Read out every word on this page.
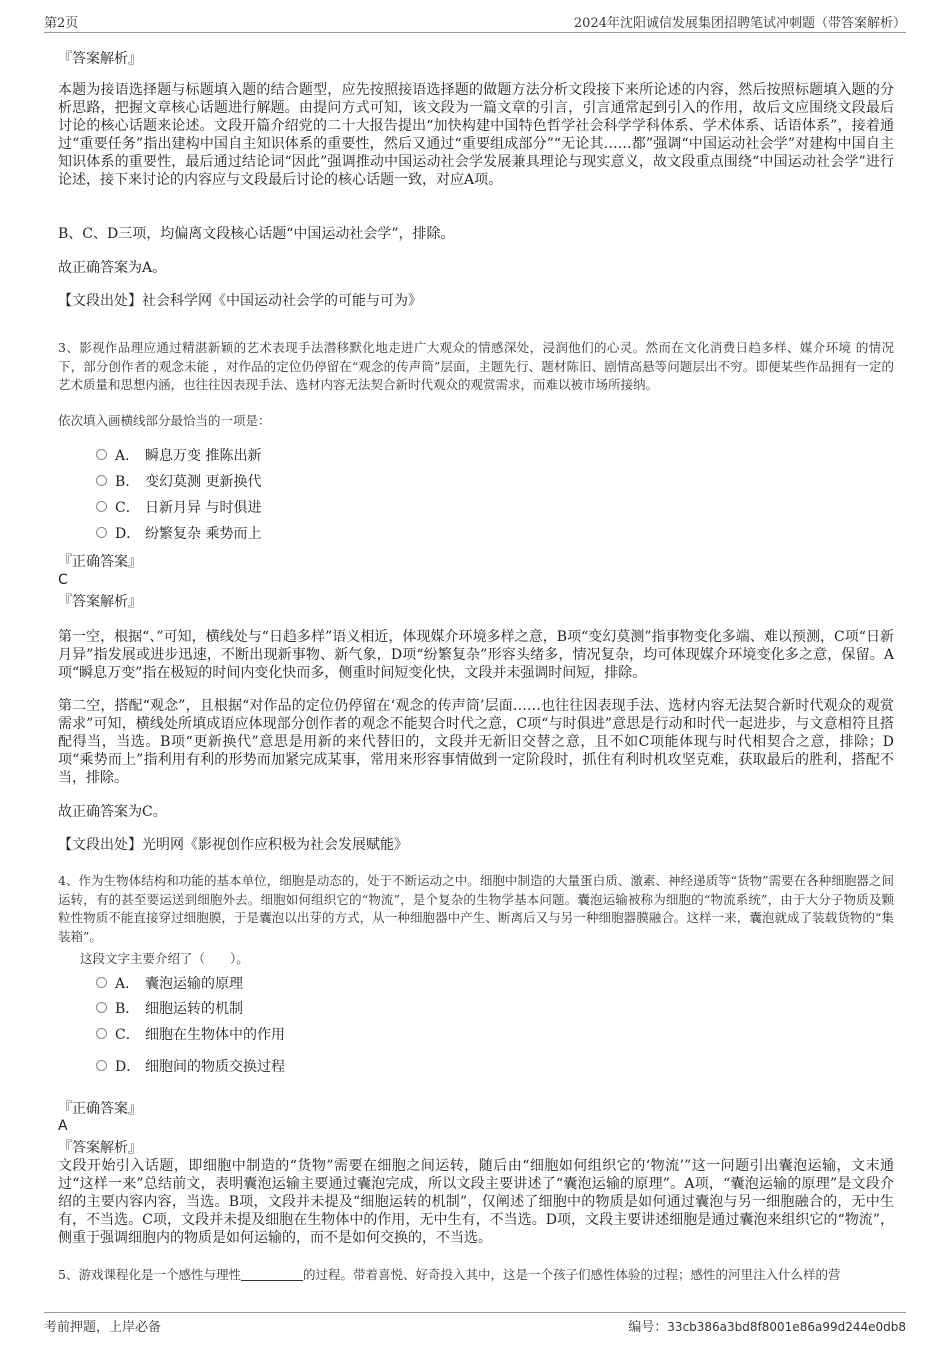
第2页	2024年沈阳诚信发展集团招聘笔试冲刺题（带答案解析）
『答案解析』

本题为接语选择题与标题填入题的结合题型，应先按照接语选择题的做题方法分析文段接下来所论述的内容，然后按照标题填入题的分析思路，把握文章核心话题进行解题。由提问方式可知，该文段为一篇文章的引言，引言通常起到引入的作用，故后文应围绕文段最后讨论的核心话题来论述。文段开篇介绍党的二十大报告提出“加快构建中国特色哲学社会科学学科体系、学术体系、话语体系”，接着通过“重要任务”指出建构中国自主知识体系的重要性，然后又通过“重要组成部分”“无论其……都”强调“中国运动社会学”对建构中国自主知识体系的重要性，最后通过结论词“因此”强调推动中国运动社会学发展兼具理论与现实意义，故文段重点围绕“中国运动社会学”进行论述，接下来讨论的内容应与文段最后讨论的核心话题一致，对应A项。

B、C、D三项，均偏离文段核心话题“中国运动社会学”，排除。

故正确答案为A。

【文段出处】社会科学网《中国运动社会学的可能与可为》

3、影视作品理应通过精湛新颖的艺术表现手法潜移默化地走进广大观众的情感深处，浸润他们的心灵。然而在文化消费日趋多样、媒介环境 的情况下，部分创作者的观念未能 ，对作品的定位仍停留在“观念的传声筒”层面，主题先行、题材陈旧、剧情高悬等问题层出不穷。即便某些作品拥有一定的艺术质量和思想内涵，也往往因表现手法、选材内容无法契合新时代观众的观赏需求，而难以被市场所接纳。

依次填入画横线部分最恰当的一项是：

A． 瞬息万变 推陈出新
B． 变幻莫测 更新换代
C． 日新月异 与时俱进
D． 纷繁复杂 乘势而上
『正确答案』
C
『答案解析』

第一空，根据“、”可知，横线处与“日趋多样”语义相近，体现媒介环境多样之意，B项“变幻莫测”指事物变化多端、难以预测，C项“日新月异”指发展或进步迅速，不断出现新事物、新气象，D项“纷繁复杂”形容头绪多，情况复杂，均可体现媒介环境变化多之意，保留。A项“瞬息万变”指在极短的时间内变化快而多，侧重时间短变化快，文段并未强调时间短，排除。

第二空，搭配“观念”，且根据“对作品的定位仍停留在‘观念的传声筒’层面……也往往因表现手法、选材内容无法契合新时代观众的观赏需求”可知，横线处所填成语应体现部分创作者的观念不能契合时代之意，C项“与时俱进”意思是行动和时代一起进步，与文意相符且搭配得当，当选。B项“更新换代”意思是用新的来代替旧的，文段并无新旧交替之意，且不如C项能体现与时代相契合之意，排除；D项“乘势而上”指利用有利的形势而加紧完成某事，常用来形容事情做到一定阶段时，抓住有利时机攻坚克难，获取最后的胜利，搭配不当，排除。

故正确答案为C。

【文段出处】光明网《影视创作应积极为社会发展赋能》

4、作为生物体结构和功能的基本单位，细胞是动态的，处于不断运动之中。细胞中制造的大量蛋白质、激素、神经递质等“货物”需要在各种细胞器之间运转，有的甚至要运送到细胞外去。细胞如何组织它的“物流”，是个复杂的生物学基本问题。囊泡运输被称为细胞的“物流系统”，由于大分子物质及颗粒性物质不能直接穿过细胞膜，于是囊泡以出芽的方式，从一种细胞器中产生、断离后又与另一种细胞器膜融合。这样一来，囊泡就成了装载货物的“集装箱”。

这段文字主要介绍了（　　）。

A． 囊泡运输的原理
B． 细胞运转的机制
C． 细胞在生物体中的作用
D． 细胞间的物质交换过程
『正确答案』
A
『答案解析』

文段开始引入话题，即细胞中制造的“货物”需要在细胞之间运转，随后由“细胞如何组织它的‘物流’”这一问题引出囊泡运输，文末通过“这样一来”总结前文，表明囊泡运输主要通过囊泡完成，所以文段主要讲述了“囊泡运输的原理”。A项，“囊泡运输的原理”是文段介绍的主要内容内容，当选。B项，文段并未提及“细胞运转的机制”，仅阐述了细胞中的物质是如何通过囊泡与另一细胞融合的，无中生有，不当选。C项，文段并未提及细胞在生物体中的作用，无中生有，不当选。D项，文段主要讲述细胞是通过囊泡来组织它的“物流”，侧重于强调细胞内的物质是如何运输的，而不是如何交换的，不当选。

5、游戏课程化是一个感性与理性	的过程。带着喜悦、好奇投入其中，这是一个孩子们感性体验的过程；感性的河里注入什么样的营

考前押题，上岸必备	编号：33cb386a3bd8f8001e86a99d244e0db8
